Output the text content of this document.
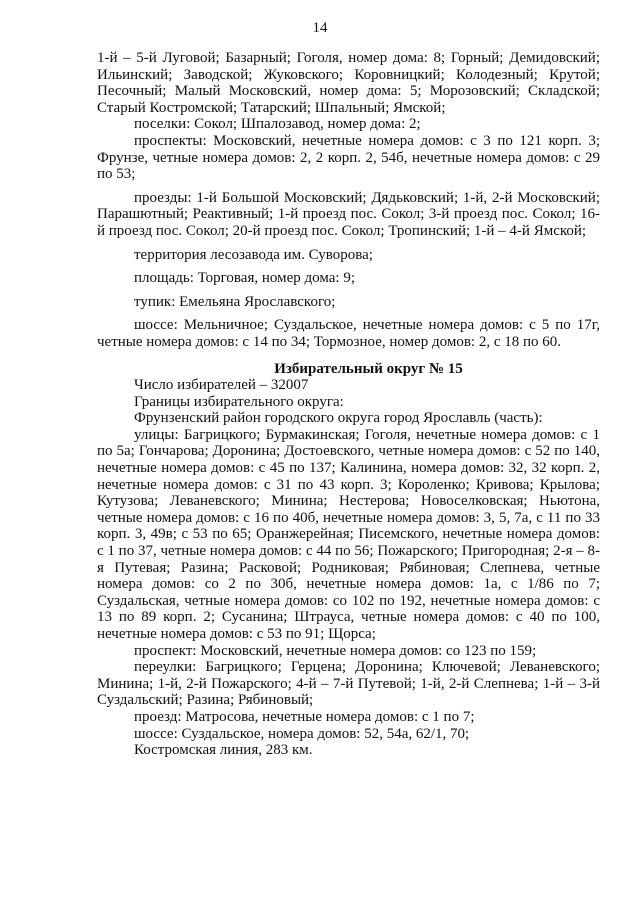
14

1-й – 5-й Луговой; Базарный; Гоголя, номер дома: 8; Горный; Демидовский; Ильинский; Заводской; Жуковского; Коровницкий; Колодезный; Крутой; Песочный; Малый Московский, номер дома: 5; Морозовский; Складской; Старый Костромской; Татарский; Шпальный; Ямской;

поселки: Сокол; Шпалозавод, номер дома: 2;

проспекты: Московский, нечетные номера домов: с 3 по 121 корп. 3; Фрунзе, четные номера домов: 2, 2 корп. 2, 54б, нечетные номера домов: с 29 по 53;

проезды: 1-й Большой Московский; Дядьковский; 1-й, 2-й Московский; Парашютный; Реактивный; 1-й проезд пос. Сокол; 3-й проезд пос. Сокол; 16-й проезд пос. Сокол; 20-й проезд пос. Сокол; Тропинский; 1-й – 4-й Ямской;

территория лесозавода им. Суворова;

площадь: Торговая, номер дома: 9;

тупик: Емельяна Ярославского;

шоссе: Мельничное; Суздальское, нечетные номера домов: с 5 по 17г, четные номера домов: с 14 по 34; Тормозное, номер домов: 2, с 18 по 60.

Избирательный округ № 15

Число избирателей – 32007

Границы избирательного округа:

Фрунзенский район городского округа город Ярославль (часть):

улицы: Багрицкого; Бурмакинская; Гоголя, нечетные номера домов: с 1 по 5а; Гончарова; Доронина; Достоевского, четные номера домов: с 52 по 140, нечетные номера домов: с 45 по 137; Калинина, номера домов: 32, 32 корп. 2, нечетные номера домов: с 31 по 43 корп. 3; Короленко; Кривова; Крылова; Кутузова; Леваневского; Минина; Нестерова; Новоселковская; Ньютона, четные номера домов: с 16 по 40б, нечетные номера домов: 3, 5, 7а, с 11 по 33 корп. 3, 49в; с 53 по 65; Оранжерейная; Писемского, нечетные номера домов: с 1 по 37, четные номера домов: с 44 по 56; Пожарского; Пригородная; 2-я – 8-я Путевая; Разина; Расковой; Родниковая; Рябиновая; Слепнева, четные номера домов: со 2 по 30б, нечетные номера домов: 1а, с 1/86 по 7; Суздальская, четные номера домов: со 102 по 192, нечетные номера домов: с 13 по 89 корп. 2; Сусанина; Штрауса, четные номера домов: с 40 по 100, нечетные номера домов: с 53 по 91; Щорса;

проспект: Московский, нечетные номера домов: со 123 по 159;

переулки: Багрицкого; Герцена; Доронина; Ключевой; Леваневского; Минина; 1-й, 2-й Пожарского; 4-й – 7-й Путевой; 1-й, 2-й Слепнева; 1-й – 3-й Суздальский; Разина; Рябиновый;

проезд: Матросова, нечетные номера домов: с 1 по 7;

шоссе: Суздальское, номера домов: 52, 54а, 62/1, 70;

Костромская линия, 283 км.
